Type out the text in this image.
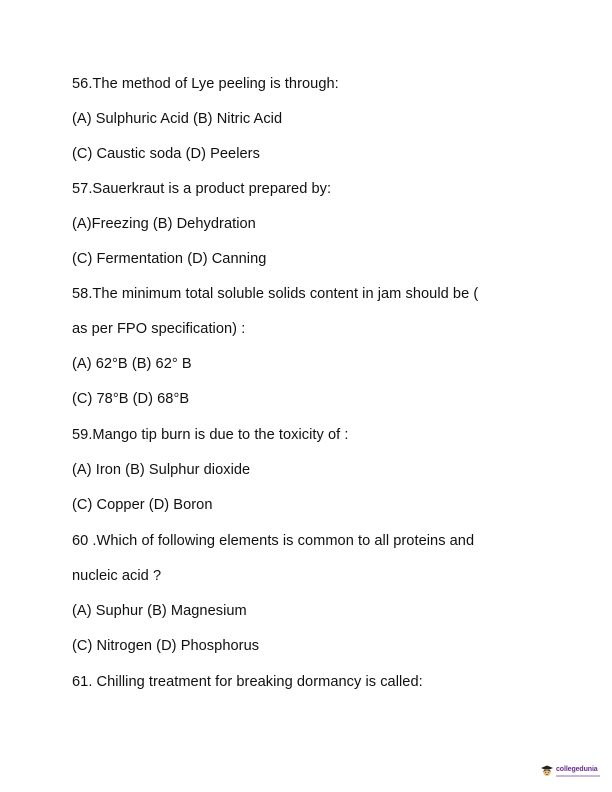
56.The method of Lye peeling is through:
(A) Sulphuric Acid (B) Nitric Acid
(C) Caustic soda (D) Peelers
57.Sauerkraut is a product prepared by:
(A)Freezing (B) Dehydration
(C) Fermentation (D) Canning
58.The minimum total soluble solids content in jam should be (
as per FPO specification) :
(A) 62°B (B) 62° B
(C) 78°B (D) 68°B
59.Mango tip burn is due to the toxicity of :
(A) Iron (B) Sulphur dioxide
(C) Copper (D) Boron
60 .Which of following elements is common to all proteins and
nucleic acid ?
(A) Suphur (B) Magnesium
(C) Nitrogen (D) Phosphorus
61. Chilling treatment for breaking dormancy is called:
collegedunia
